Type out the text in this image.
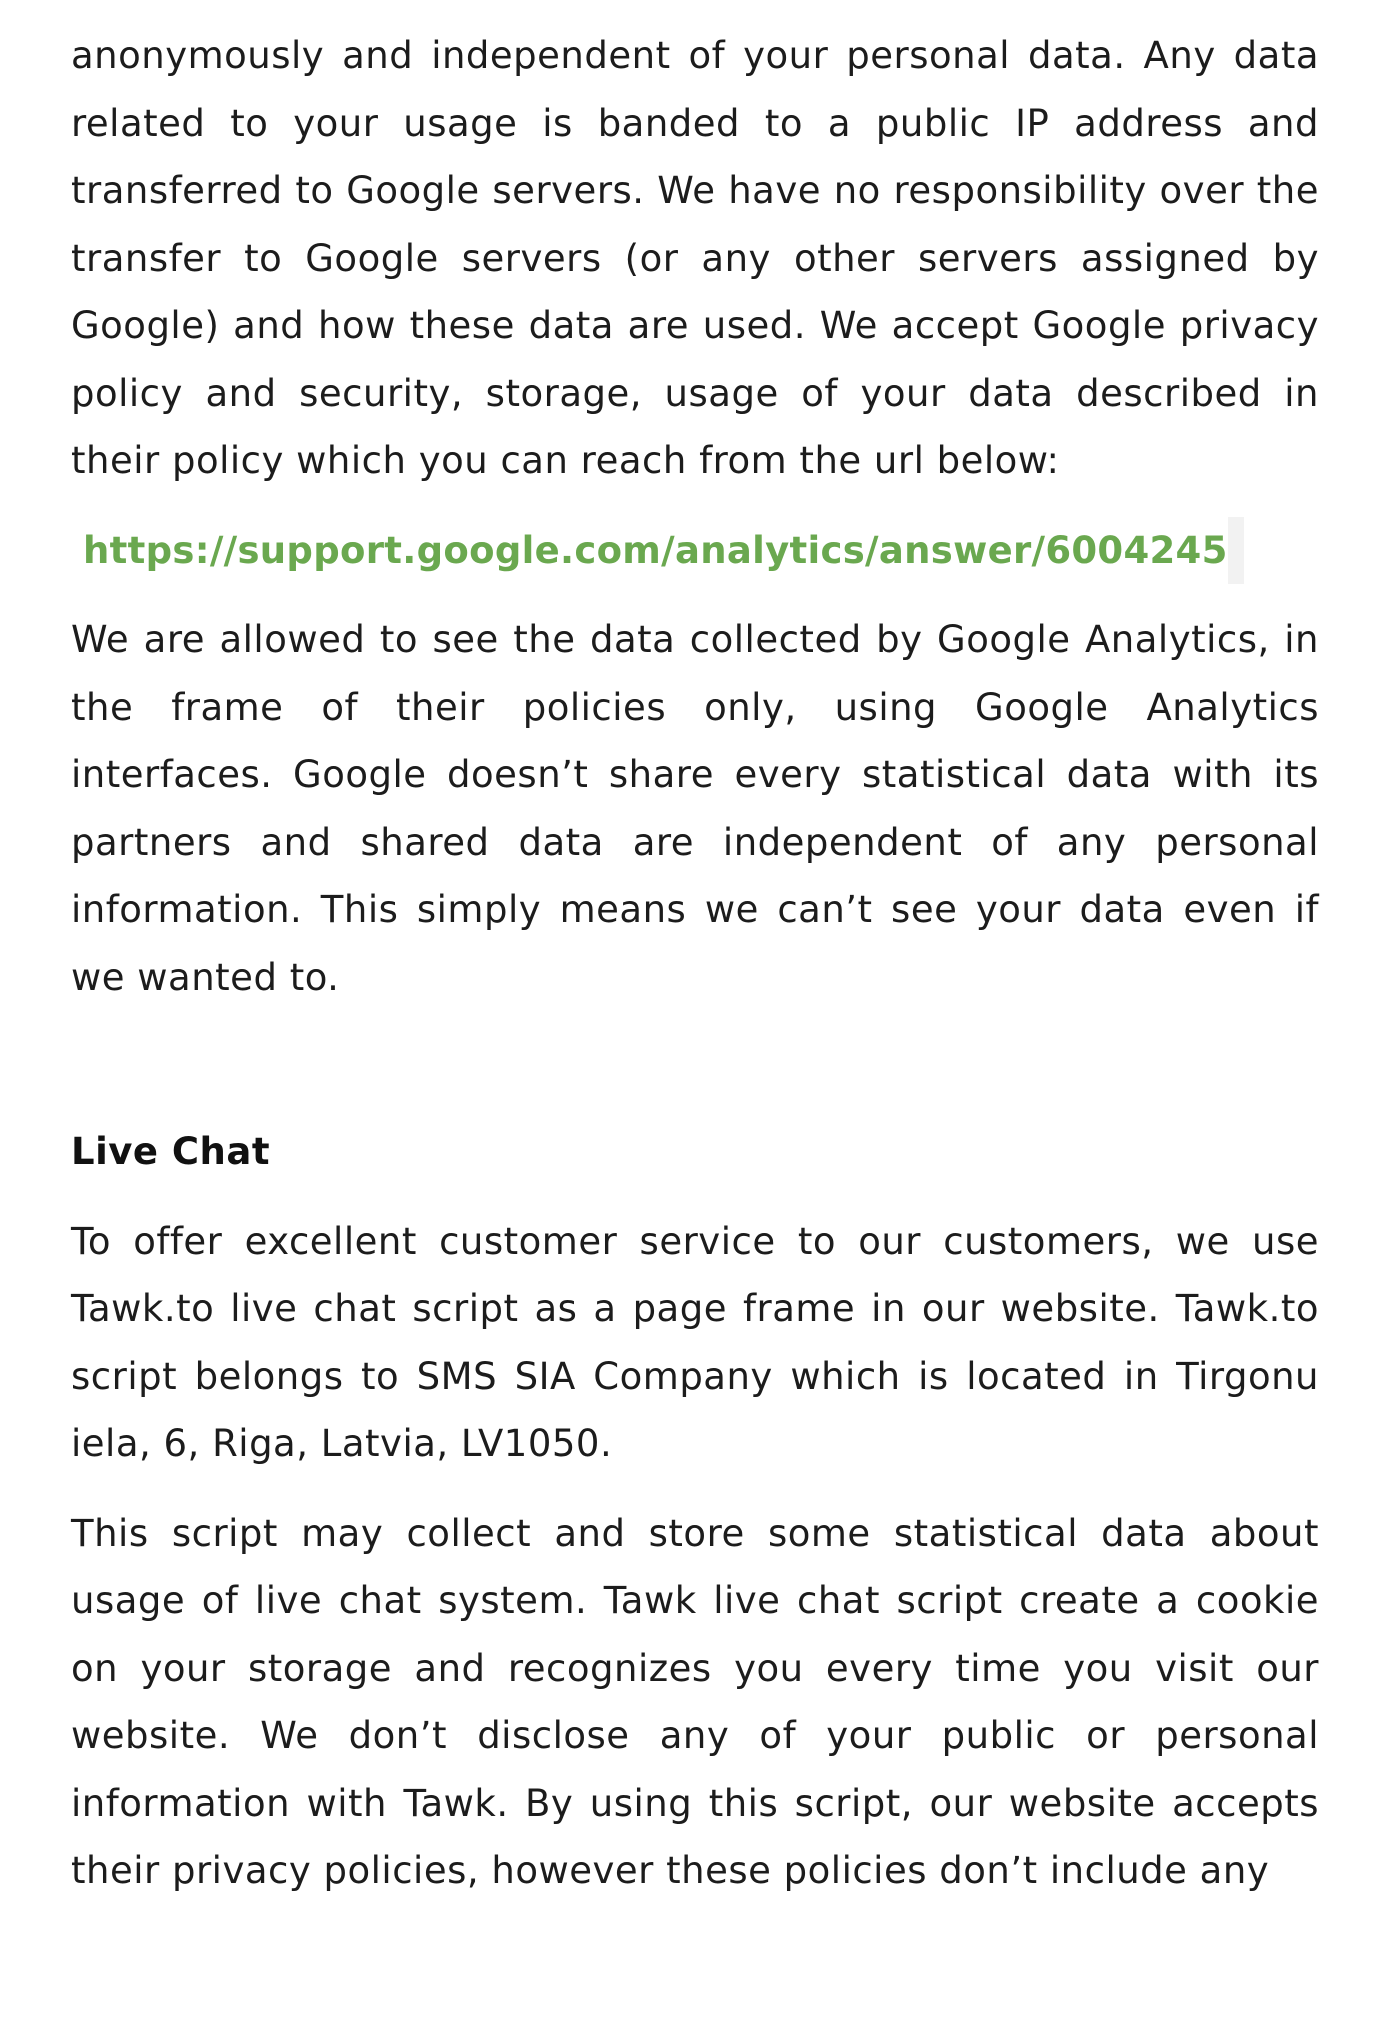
anonymously and independent of your personal data. Any data related to your usage is banded to a public IP address and transferred to Google servers. We have no responsibility over the transfer to Google servers (or any other servers assigned by Google) and how these data are used. We accept Google privacy policy and security, storage, usage of your data described in their policy which you can reach from the url below:

https://support.google.com/analytics/answer/6004245

We are allowed to see the data collected by Google Analytics, in the frame of their policies only, using Google Analytics interfaces. Google doesn’t share every statistical data with its partners and shared data are independent of any personal information. This simply means we can’t see your data even if we wanted to.

Live Chat

To offer excellent customer service to our customers, we use Tawk.to live chat script as a page frame in our website. Tawk.to script belongs to SMS SIA Company which is located in Tirgonu iela, 6, Riga, Latvia, LV1050.

This script may collect and store some statistical data about usage of live chat system. Tawk live chat script create a cookie on your storage and recognizes you every time you visit our website. We don’t disclose any of your public or personal information with Tawk. By using this script, our website accepts their privacy policies, however these policies don’t include any
